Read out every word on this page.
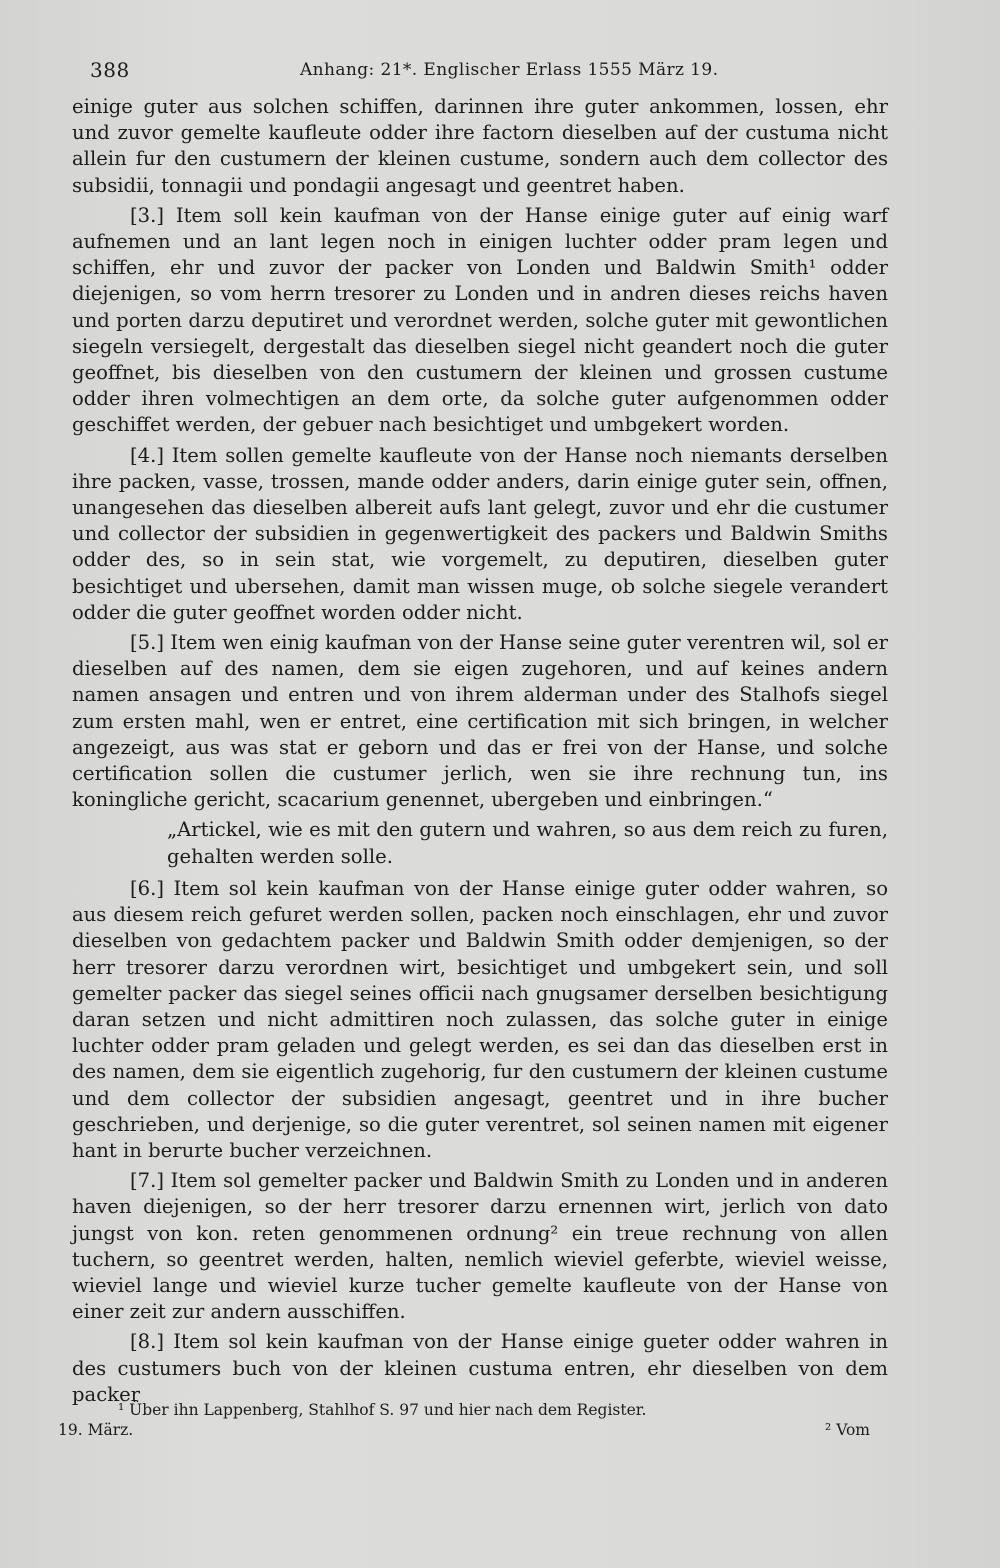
388	Anhang: 21*. Englischer Erlass 1555 März 19.

einige guter aus solchen schiffen, darinnen ihre guter ankommen, lossen, ehr und zuvor gemelte kaufleute odder ihre factorn dieselben auf der custuma nicht allein fur den custumern der kleinen custume, sondern auch dem collector des subsidii, tonnagii und pondagii angesagt und geentret haben.

[3.] Item soll kein kaufman von der Hanse einige guter auf einig warf aufnemen und an lant legen noch in einigen luchter odder pram legen und schiffen, ehr und zuvor der packer von Londen und Baldwin Smith¹ odder diejenigen, so vom herrn tresorer zu Londen und in andren dieses reichs haven und porten darzu deputiret und verordnet werden, solche guter mit gewontlichen siegeln versiegelt, dergestalt das dieselben siegel nicht geandert noch die guter geoffnet, bis dieselben von den custumern der kleinen und grossen custume odder ihren volmechtigen an dem orte, da solche guter aufgenommen odder geschiffet werden, der gebuer nach besichtiget und umbgekert worden.

[4.] Item sollen gemelte kaufleute von der Hanse noch niemants derselben ihre packen, vasse, trossen, mande odder anders, darin einige guter sein, offnen, unangesehen das dieselben albereit aufs lant gelegt, zuvor und ehr die custumer und collector der subsidien in gegenwertigkeit des packers und Baldwin Smiths odder des, so in sein stat, wie vorgemelt, zu deputiren, dieselben guter besichtiget und ubersehen, damit man wissen muge, ob solche siegele verandert odder die guter geoffnet worden odder nicht.

[5.] Item wen einig kaufman von der Hanse seine guter verentren wil, sol er dieselben auf des namen, dem sie eigen zugehoren, und auf keines andern namen ansagen und entren und von ihrem alderman under des Stalhofs siegel zum ersten mahl, wen er entret, eine certification mit sich bringen, in welcher angezeigt, aus was stat er geborn und das er frei von der Hanse, und solche certification sollen die custumer jerlich, wen sie ihre rechnung tun, ins koningliche gericht, scacarium genennet, ubergeben und einbringen.“

„Artickel, wie es mit den gutern und wahren, so aus dem reich zu furen, gehalten werden solle.

[6.] Item sol kein kaufman von der Hanse einige guter odder wahren, so aus diesem reich gefuret werden sollen, packen noch einschlagen, ehr und zuvor dieselben von gedachtem packer und Baldwin Smith odder demjenigen, so der herr tresorer darzu verordnen wirt, besichtiget und umbgekert sein, und soll gemelter packer das siegel seines officii nach gnugsamer derselben besichtigung daran setzen und nicht admittiren noch zulassen, das solche guter in einige luchter odder pram geladen und gelegt werden, es sei dan das dieselben erst in des namen, dem sie eigentlich zugehorig, fur den custumern der kleinen custume und dem collector der subsidien angesagt, geentret und in ihre bucher geschrieben, und derjenige, so die guter verentret, sol seinen namen mit eigener hant in berurte bucher verzeichnen.

[7.] Item sol gemelter packer und Baldwin Smith zu Londen und in anderen haven diejenigen, so der herr tresorer darzu ernennen wirt, jerlich von dato jungst von kon. reten genommenen ordnung² ein treue rechnung von allen tuchern, so geentret werden, halten, nemlich wieviel geferbte, wieviel weisse, wieviel lange und wieviel kurze tucher gemelte kaufleute von der Hanse von einer zeit zur andern ausschiffen.

[8.] Item sol kein kaufman von der Hanse einige gueter odder wahren in des custumers buch von der kleinen custuma entren, ehr dieselben von dem packer

¹ Über ihn Lappenberg, Stahlhof S. 97 und hier nach dem Register.
19. März.	² Vom
